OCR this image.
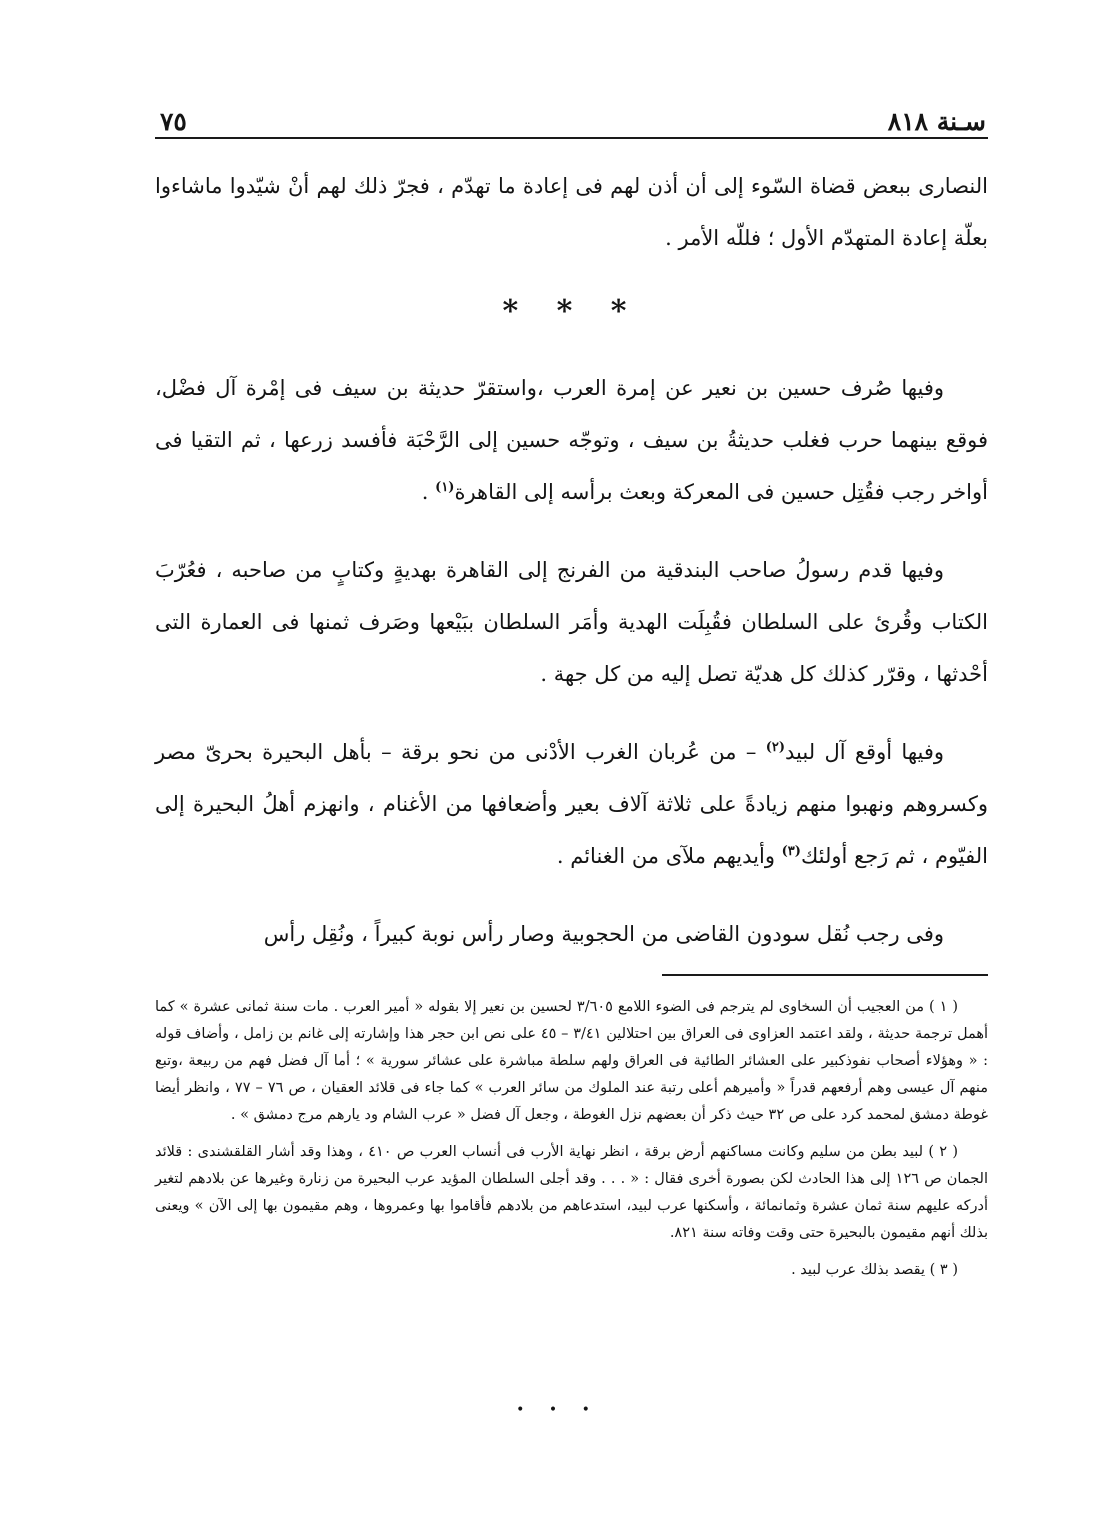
سـنة ٨١٨
٧٥

النصارى ببعض قضاة السّوء إلى أن أذن لهم فى إعادة ما تهدّم ، فجرّ ذلك لهم أنْ شيّدوا ماشاءوا بعلّة إعادة المتهدّم الأول ؛ فللّه الأمر .

* * *

وفيها صُرف حسين بن نعير عن إمرة العرب ،واستقرّ حديثة بن سيف فى إمْرة آل فضْل، فوقع بينهما حرب فغلب حديثةُ بن سيف ، وتوجّه حسين إلى الرَّحْبَة فأفسد زرعها ، ثم التقيا فى أواخر رجب فقُتِل حسين فى المعركة وبعث برأسه إلى القاهرة$^{(١)}$ .

وفيها قدم رسولُ صاحب البندقية من الفرنج إلى القاهرة بهديةٍ وكتابٍ من صاحبه ، فعُرّبَ الكتاب وقُرئ على السلطان فقُبِلَت الهدية وأمَر السلطان ببَيْعها وصَرف ثمنها فى العمارة التى أحْدثها ، وقرّر كذلك كل هديّة تصل إليه من كل جهة .

وفيها أوقع آل لبيد$^{(٢)}$ – من عُربان الغرب الأدْنى من نحو برقة – بأهل البحيرة بحرىّ مصر وكسروهم ونهبوا منهم زيادةً على ثلاثة آلاف بعير وأضعافها من الأغنام ، وانهزم أهلُ البحيرة إلى الفيّوم ، ثم رَجع أولئك$^{(٣)}$ وأيديهم ملآى من الغنائم .

وفى رجب نُقل سودون القاضى من الحجوبية وصار رأس نوبة كبيراً ، ونُقِل رأس

( ١ ) من العجيب أن السخاوى لم يترجم فى الضوء اللامع ٣/٦٠٥ لحسين بن نعير إلا بقوله « أمير العرب . مات سنة ثمانى عشرة » كما أهمل ترجمة حديثة ، ولقد اعتمد العزاوى فى العراق بين احتلالين ٣/٤١ – ٤٥ على نص ابن حجر هذا وإشارته إلى غانم بن زامل ، وأضاف قوله : « وهؤلاء أصحاب نفوذكبير على العشائر الطائية فى العراق ولهم سلطة مباشرة على عشائر سورية » ؛ أما آل فضل فهم من ربيعة ،وتبع منهم آل عيسى وهم أرفعهم قدراً « وأميرهم أعلى رتبة عند الملوك من سائر العرب » كما جاء فى قلائد العقيان ، ص ٧٦ – ٧٧ ، وانظر أيضا غوطة دمشق لمحمد كرد على ص ٣٢ حيث ذكر أن بعضهم نزل الغوطة ، وجعل آل فضل « عرب الشام ود يارهم مرج دمشق » .

( ٢ ) لبيد بطن من سليم وكانت مساكنهم أرض برقة ، انظر نهاية الأرب فى أنساب العرب ص ٤١٠ ، وهذا وقد أشار القلقشندى : قلائد الجمان ص ١٢٦ إلى هذا الحادث لكن بصورة أخرى فقال : « . . . وقد أجلى السلطان المؤيد عرب البحيرة من زنارة وغيرها عن بلادهم لتغير أدركه عليهم سنة ثمان عشرة وثمانمائة ، وأسكنها عرب لبيد، استدعاهم من بلادهم فأقاموا بها وعمروها ، وهم مقيمون بها إلى الآن » ويعنى بذلك أنهم مقيمون بالبحيرة حتى وقت وفاته سنة ٨٢١.

( ٣ ) يقصد بذلك عرب لبيد .

• • •
